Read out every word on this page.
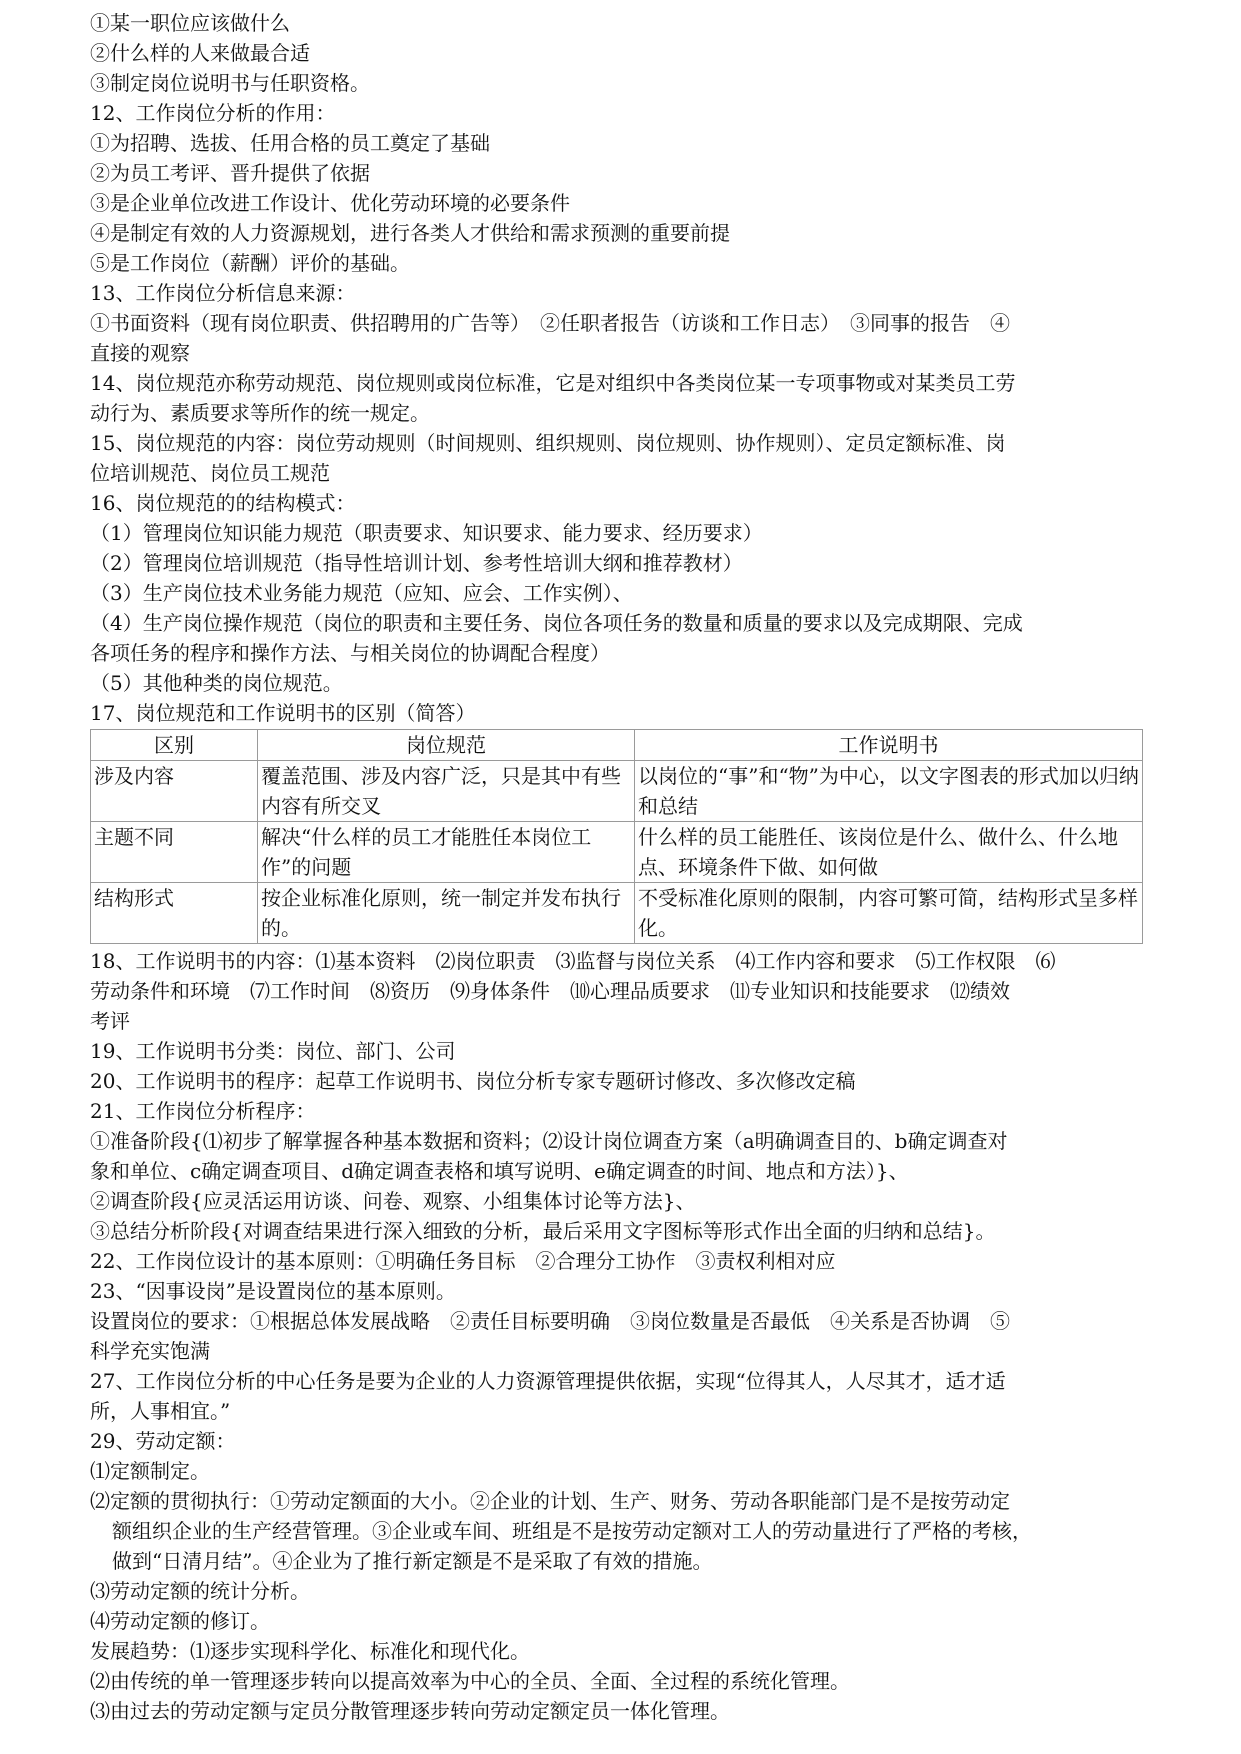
①某一职位应该做什么
②什么样的人来做最合适
③制定岗位说明书与任职资格。
12、工作岗位分析的作用：
①为招聘、选拔、任用合格的员工奠定了基础
②为员工考评、晋升提供了依据
③是企业单位改进工作设计、优化劳动环境的必要条件
④是制定有效的人力资源规划，进行各类人才供给和需求预测的重要前提
⑤是工作岗位（薪酬）评价的基础。
13、工作岗位分析信息来源：
①书面资料（现有岗位职责、供招聘用的广告等）　②任职者报告（访谈和工作日志）　③同事的报告　④
直接的观察
14、岗位规范亦称劳动规范、岗位规则或岗位标准，它是对组织中各类岗位某一专项事物或对某类员工劳
动行为、素质要求等所作的统一规定。
15、岗位规范的内容：岗位劳动规则（时间规则、组织规则、岗位规则、协作规则）、定员定额标准、岗
位培训规范、岗位员工规范
16、岗位规范的的结构模式：
（1）管理岗位知识能力规范（职责要求、知识要求、能力要求、经历要求）
（2）管理岗位培训规范（指导性培训计划、参考性培训大纲和推荐教材）
（3）生产岗位技术业务能力规范（应知、应会、工作实例）、
（4）生产岗位操作规范（岗位的职责和主要任务、岗位各项任务的数量和质量的要求以及完成期限、完成
各项任务的程序和操作方法、与相关岗位的协调配合程度）
（5）其他种类的岗位规范。
17、岗位规范和工作说明书的区别（简答）
区别	岗位规范	工作说明书
涉及内容	覆盖范围、涉及内容广泛，只是其中有些内容有所交叉	以岗位的“事”和“物”为中心，以文字图表的形式加以归纳和总结
主题不同	解决“什么样的员工才能胜任本岗位工作”的问题	什么样的员工能胜任、该岗位是什么、做什么、什么地点、环境条件下做、如何做
结构形式	按企业标准化原则，统一制定并发布执行的。	不受标准化原则的限制，内容可繁可简，结构形式呈多样化。
18、工作说明书的内容：⑴基本资料　⑵岗位职责　⑶监督与岗位关系　⑷工作内容和要求　⑸工作权限　⑹
劳动条件和环境　⑺工作时间　⑻资历　⑼身体条件　⑽心理品质要求　⑾专业知识和技能要求　⑿绩效
考评
19、工作说明书分类：岗位、部门、公司
20、工作说明书的程序：起草工作说明书、岗位分析专家专题研讨修改、多次修改定稿
21、工作岗位分析程序：
①准备阶段{⑴初步了解掌握各种基本数据和资料；⑵设计岗位调查方案（a明确调查目的、b确定调查对
象和单位、c确定调查项目、d确定调查表格和填写说明、e确定调查的时间、地点和方法）}、
②调查阶段{应灵活运用访谈、问卷、观察、小组集体讨论等方法}、
③总结分析阶段{对调查结果进行深入细致的分析，最后采用文字图标等形式作出全面的归纳和总结}。
22、工作岗位设计的基本原则：①明确任务目标　②合理分工协作　③责权利相对应
23、“因事设岗”是设置岗位的基本原则。
设置岗位的要求：①根据总体发展战略　②责任目标要明确　③岗位数量是否最低　④关系是否协调　⑤
科学充实饱满
27、工作岗位分析的中心任务是要为企业的人力资源管理提供依据，实现“位得其人，人尽其才，适才适
所，人事相宜。”
29、劳动定额：
⑴定额制定。
⑵定额的贯彻执行：①劳动定额面的大小。②企业的计划、生产、财务、劳动各职能部门是不是按劳动定
额组织企业的生产经营管理。③企业或车间、班组是不是按劳动定额对工人的劳动量进行了严格的考核，
做到“日清月结”。④企业为了推行新定额是不是采取了有效的措施。
⑶劳动定额的统计分析。
⑷劳动定额的修订。
发展趋势：⑴逐步实现科学化、标准化和现代化。
⑵由传统的单一管理逐步转向以提高效率为中心的全员、全面、全过程的系统化管理。
⑶由过去的劳动定额与定员分散管理逐步转向劳动定额定员一体化管理。
